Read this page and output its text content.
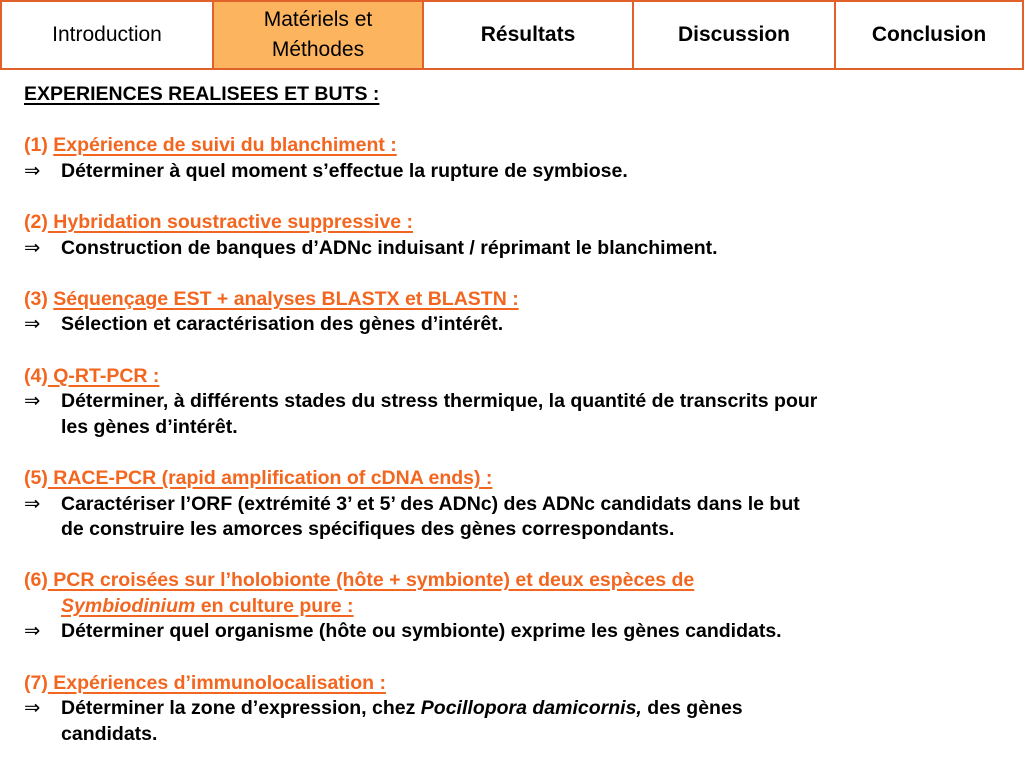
Introduction
Matériels et Méthodes
Résultats	Discussion	Conclusion
EXPERIENCES REALISEES ET BUTS :
(1) Expérience de suivi du blanchiment :
⇒ Déterminer à quel moment s’effectue la rupture de symbiose.
(2) Hybridation soustractive suppressive :
⇒ Construction de banques d’ADNc induisant / réprimant le blanchiment.
(3) Séquençage EST + analyses BLASTX et BLASTN :
⇒ Sélection et caractérisation des gènes d’intérêt.
(4) Q-RT-PCR :
⇒ Déterminer, à différents stades du stress thermique, la quantité de transcrits pour
les gènes d’intérêt.
(5) RACE-PCR (rapid amplification of cDNA ends) :
⇒ Caractériser l’ORF (extrémité 3’ et 5’ des ADNc) des ADNc candidats dans le but
de construire les amorces spécifiques des gènes correspondants.
(6) PCR croisées sur l’holobionte (hôte + symbionte) et deux espèces de
Symbiodinium en culture pure :
⇒ Déterminer quel organisme (hôte ou symbionte) exprime les gènes candidats.
(7) Expériences d’immunolocalisation :
⇒ Déterminer la zone d’expression, chez Pocillopora damicornis, des gènes
candidats.
